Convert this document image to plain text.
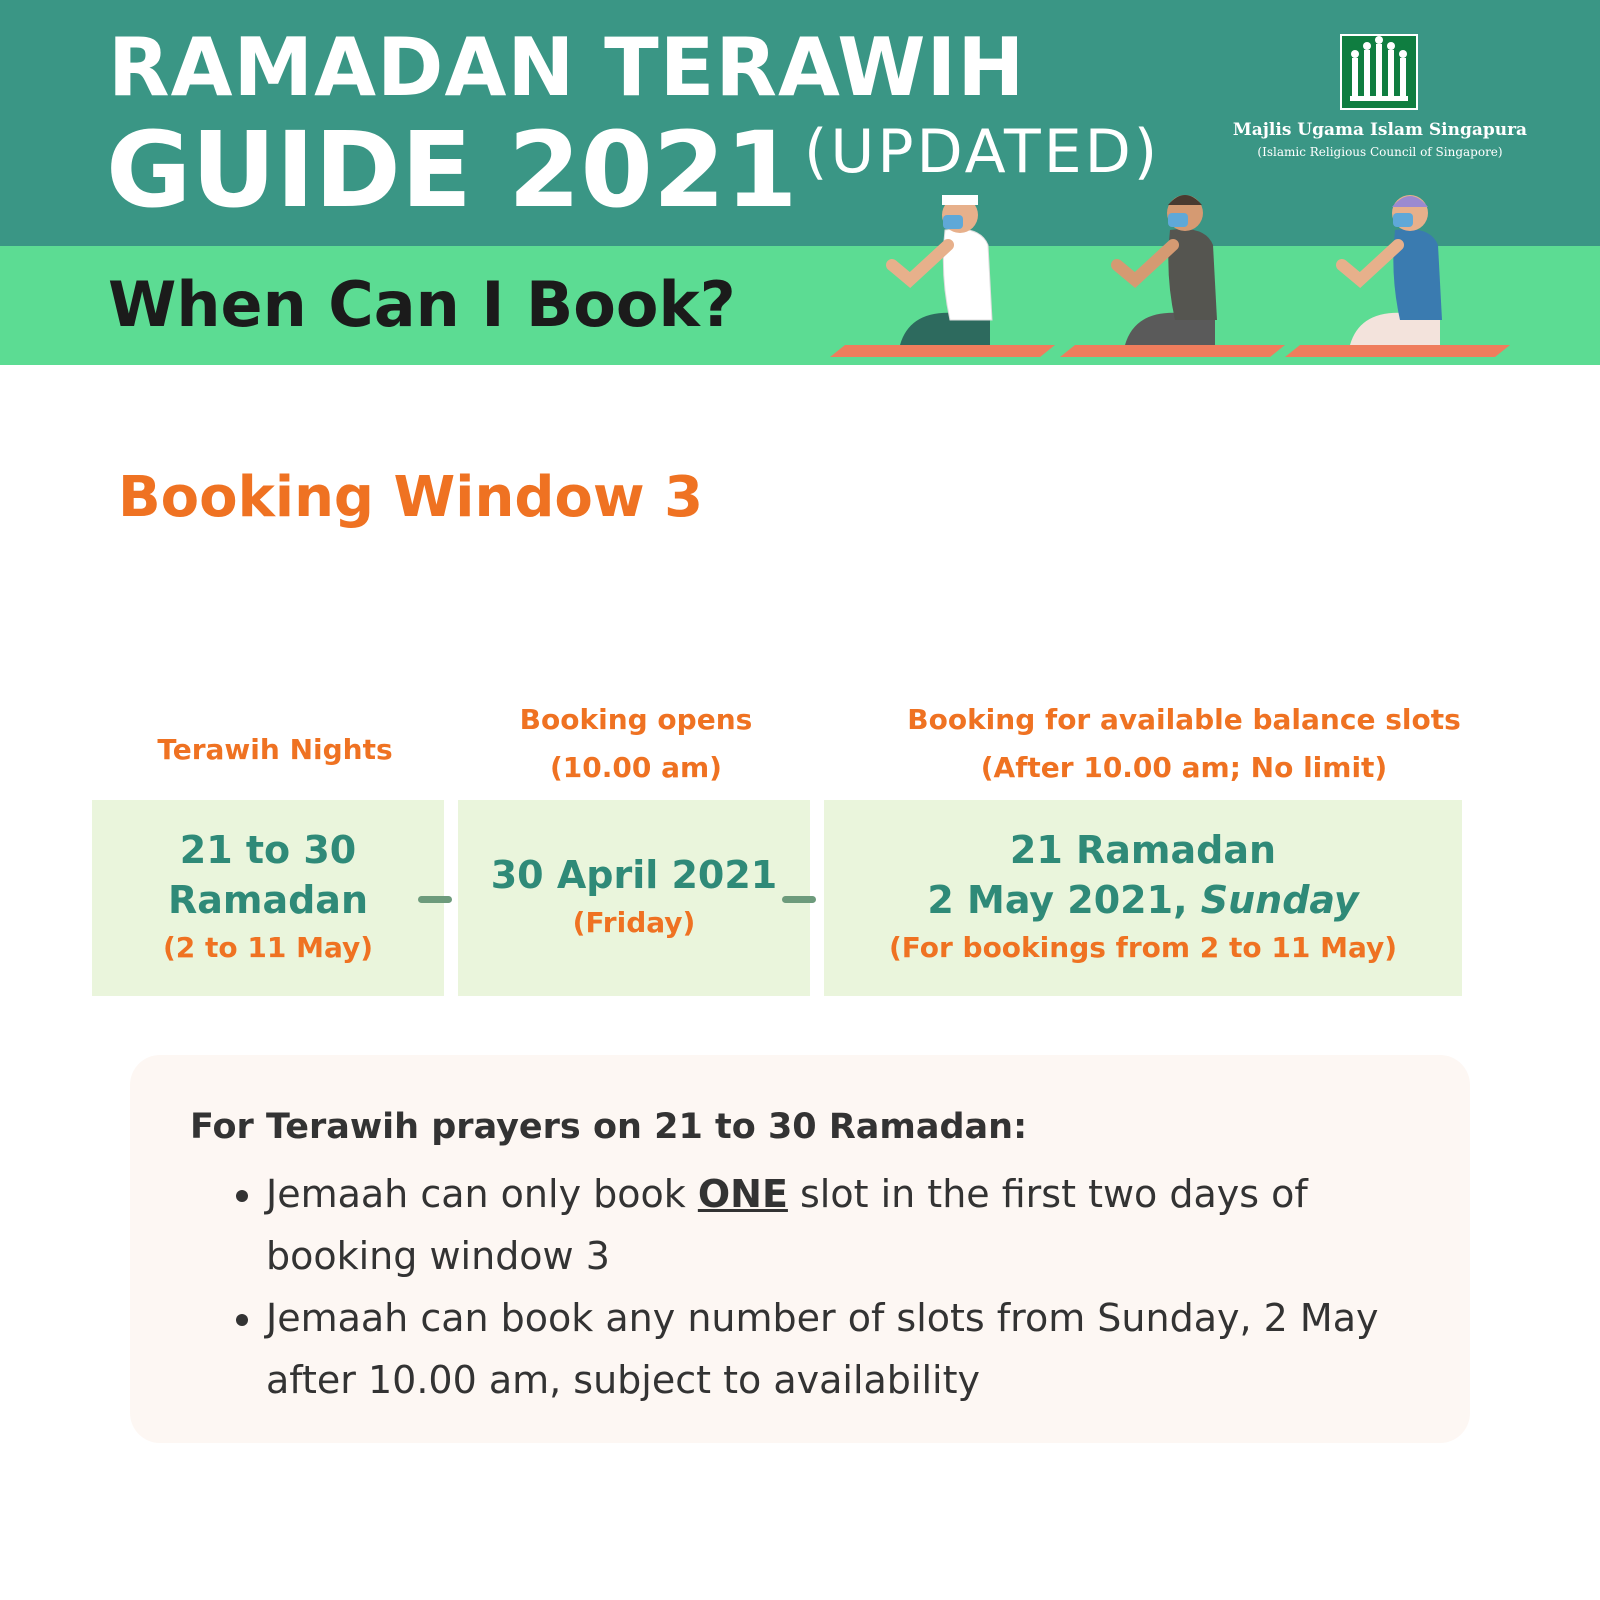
RAMADAN TERAWIH
GUIDE 2021 (UPDATED)
When Can I Book?
Majlis Ugama Islam Singapura
(Islamic Religious Council of Singapore)
Booking Window 3
Terawih Nights
Booking opens
(10.00 am)
Booking for available balance slots
(After 10.00 am; No limit)
21 to 30
Ramadan
(2 to 11 May)
30 April 2021
(Friday)
21 Ramadan
2 May 2021, Sunday
(For bookings from 2 to 11 May)
For Terawih prayers on 21 to 30 Ramadan:
• Jemaah can only book ONE slot in the first two days of booking window 3
• Jemaah can book any number of slots from Sunday, 2 May after 10.00 am, subject to availability
